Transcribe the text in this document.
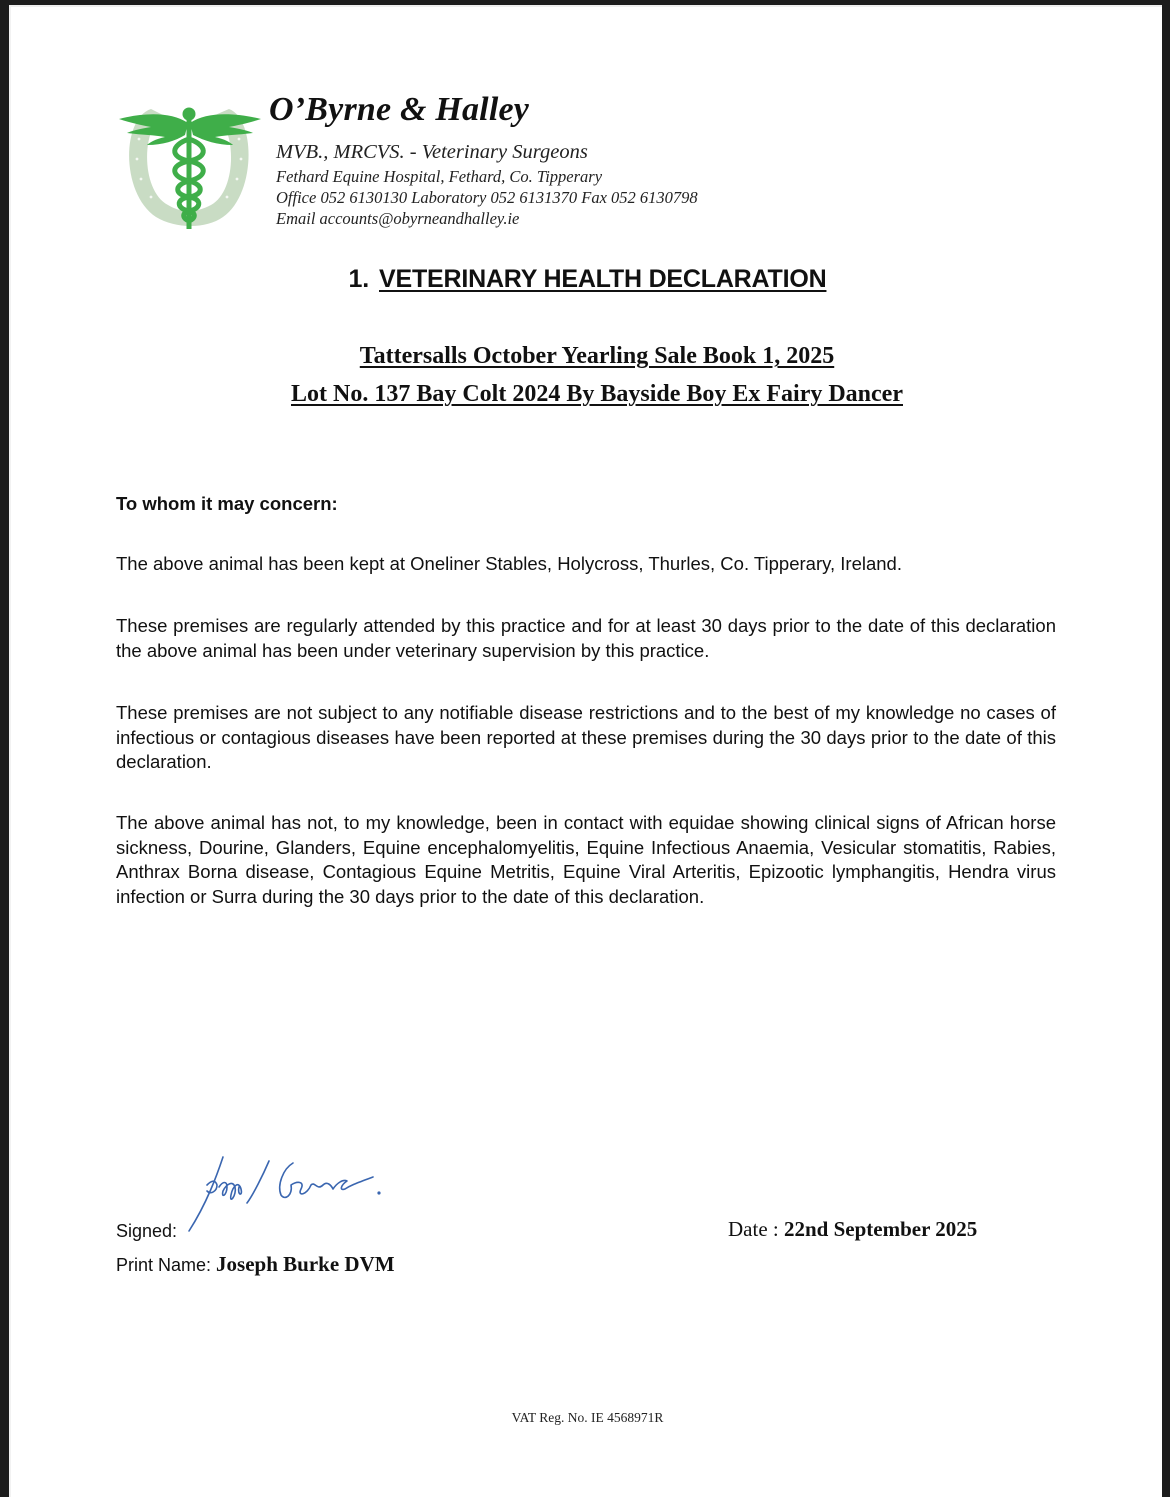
O’Byrne & Halley
MVB., MRCVS. - Veterinary Surgeons
Fethard Equine Hospital, Fethard, Co. Tipperary
Office 052 6130130 Laboratory 052 6131370 Fax 052 6130798
Email accounts@obyrneandhalley.ie
1. VETERINARY HEALTH DECLARATION
Tattersalls October Yearling Sale Book 1, 2025
Lot No. 137 Bay Colt 2024 By Bayside Boy Ex Fairy Dancer
To whom it may concern:
The above animal has been kept at Oneliner Stables, Holycross, Thurles, Co. Tipperary, Ireland.
These premises are regularly attended by this practice and for at least 30 days prior to the date of this declaration the above animal has been under veterinary supervision by this practice.
These premises are not subject to any notifiable disease restrictions and to the best of my knowledge no cases of infectious or contagious diseases have been reported at these premises during the 30 days prior to the date of this declaration.
The above animal has not, to my knowledge, been in contact with equidae showing clinical signs of African horse sickness, Dourine, Glanders, Equine encephalomyelitis, Equine Infectious Anaemia, Vesicular stomatitis, Rabies, Anthrax Borna disease, Contagious Equine Metritis, Equine Viral Arteritis, Epizootic lymphangitis, Hendra virus infection or Surra during the 30 days prior to the date of this declaration.
Signed:
Print Name: Joseph Burke DVM
Date : 22nd September 2025
VAT Reg. No. IE 4568971R
